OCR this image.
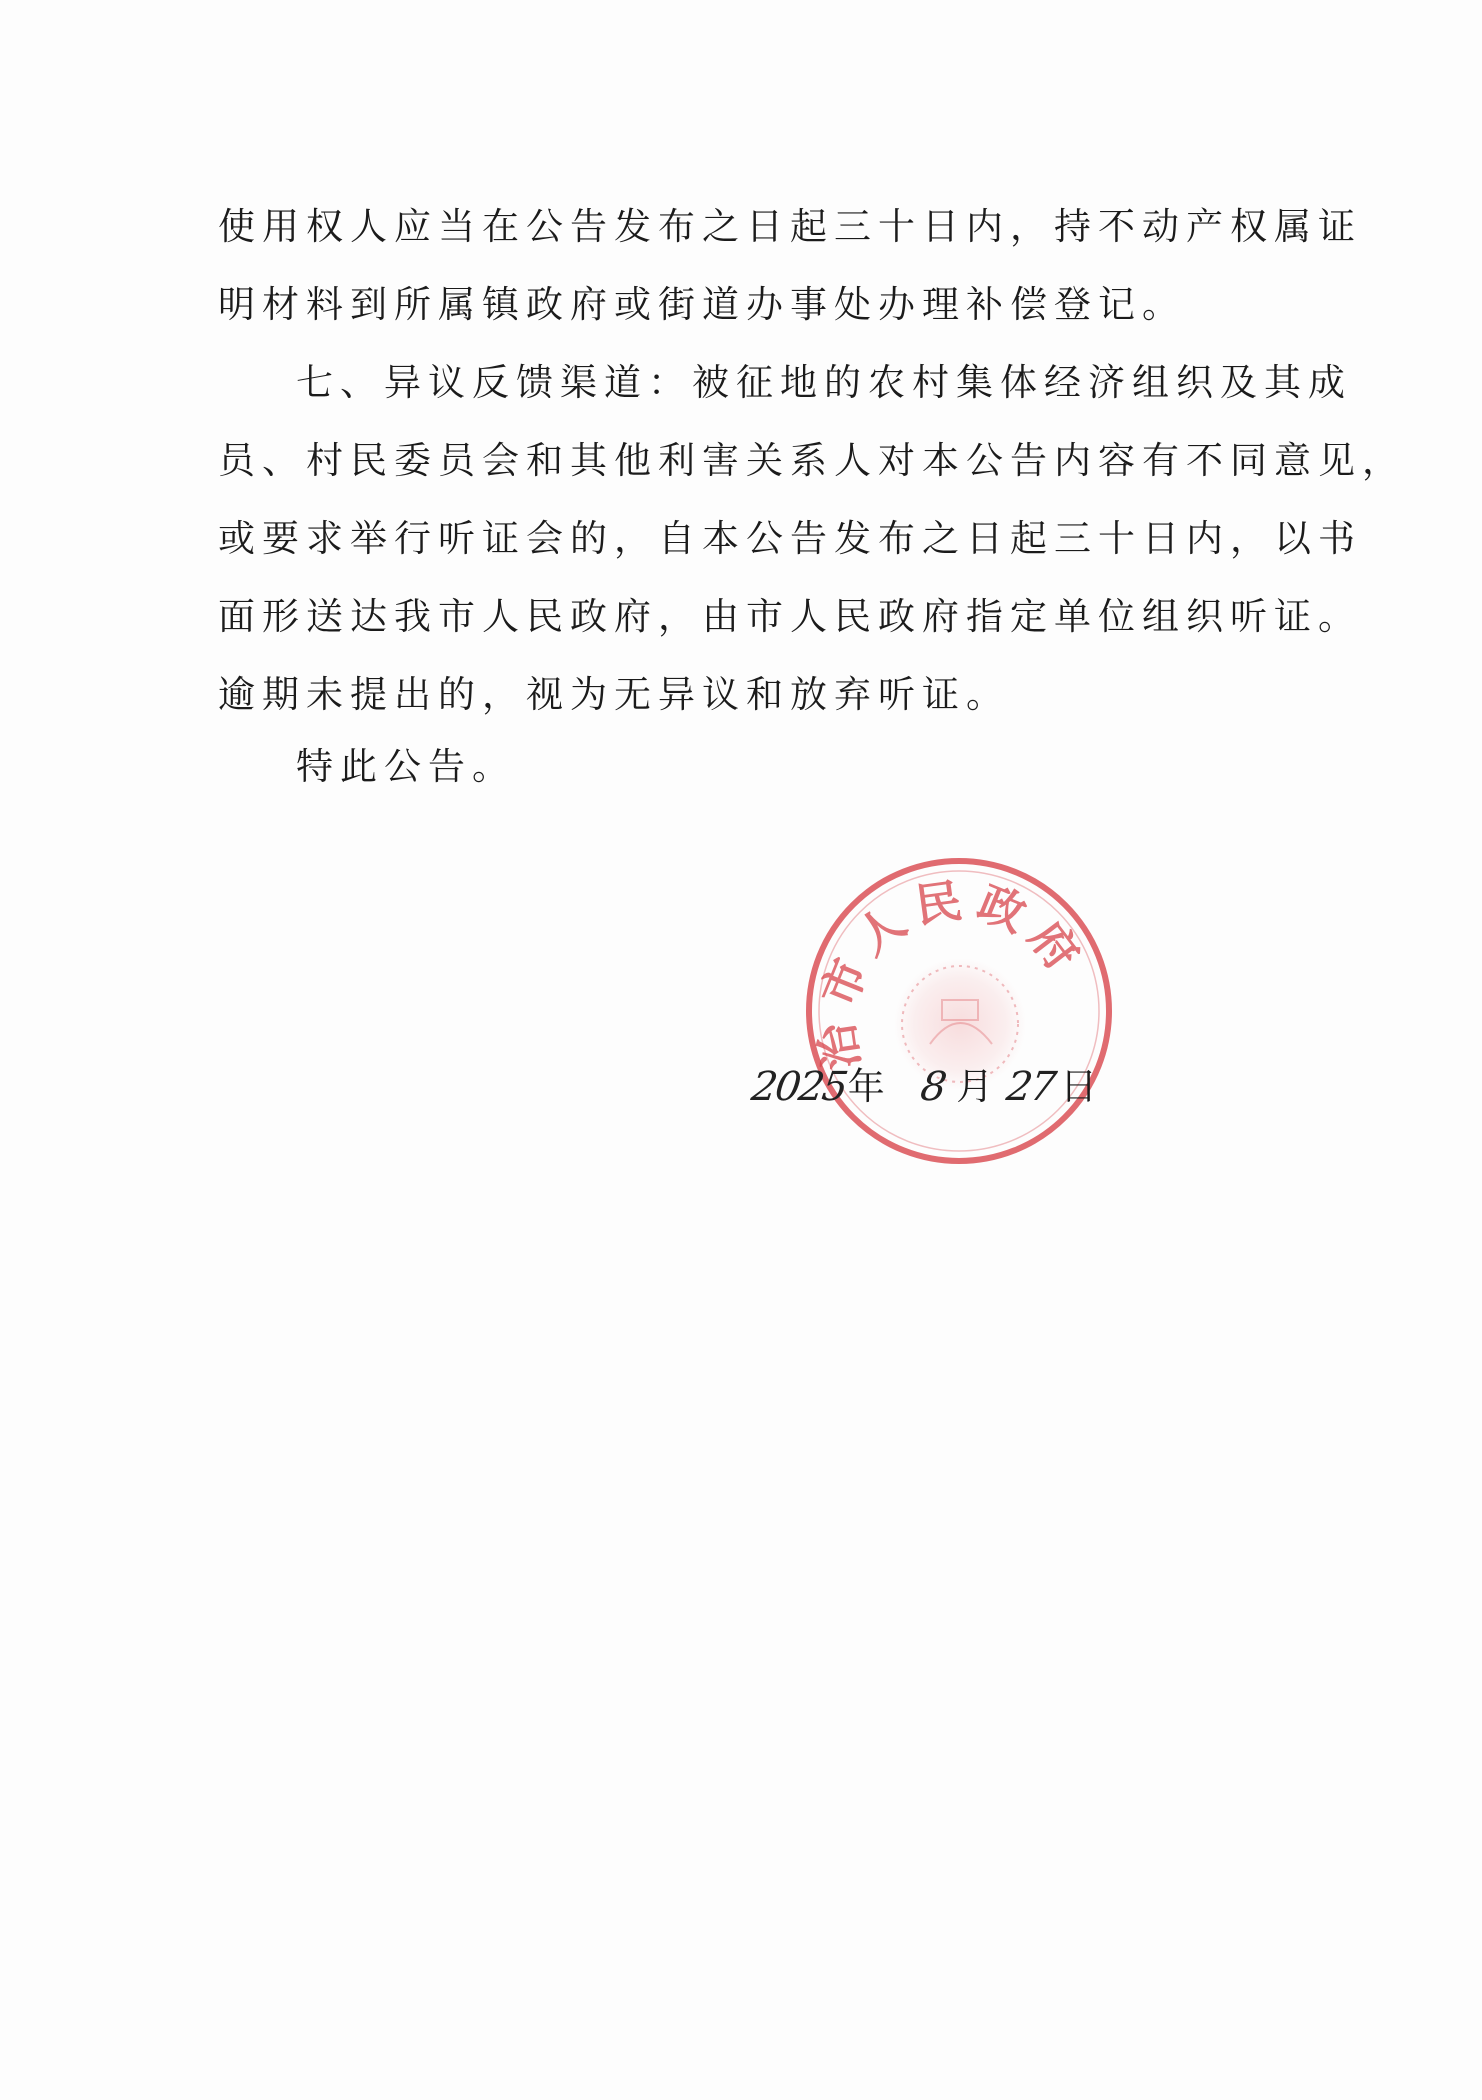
使用权人应当在公告发布之日起三十日内，持不动产权属证
明材料到所属镇政府或街道办事处办理补偿登记。
七、异议反馈渠道：被征地的农村集体经济组织及其成
员、村民委员会和其他利害关系人对本公告内容有不同意见，
或要求举行听证会的，自本公告发布之日起三十日内，以书
面形送达我市人民政府，由市人民政府指定单位组织听证。
逾期未提出的，视为无异议和放弃听证。
特此公告。
治市人民政府
2025
年 8 月 27 日
